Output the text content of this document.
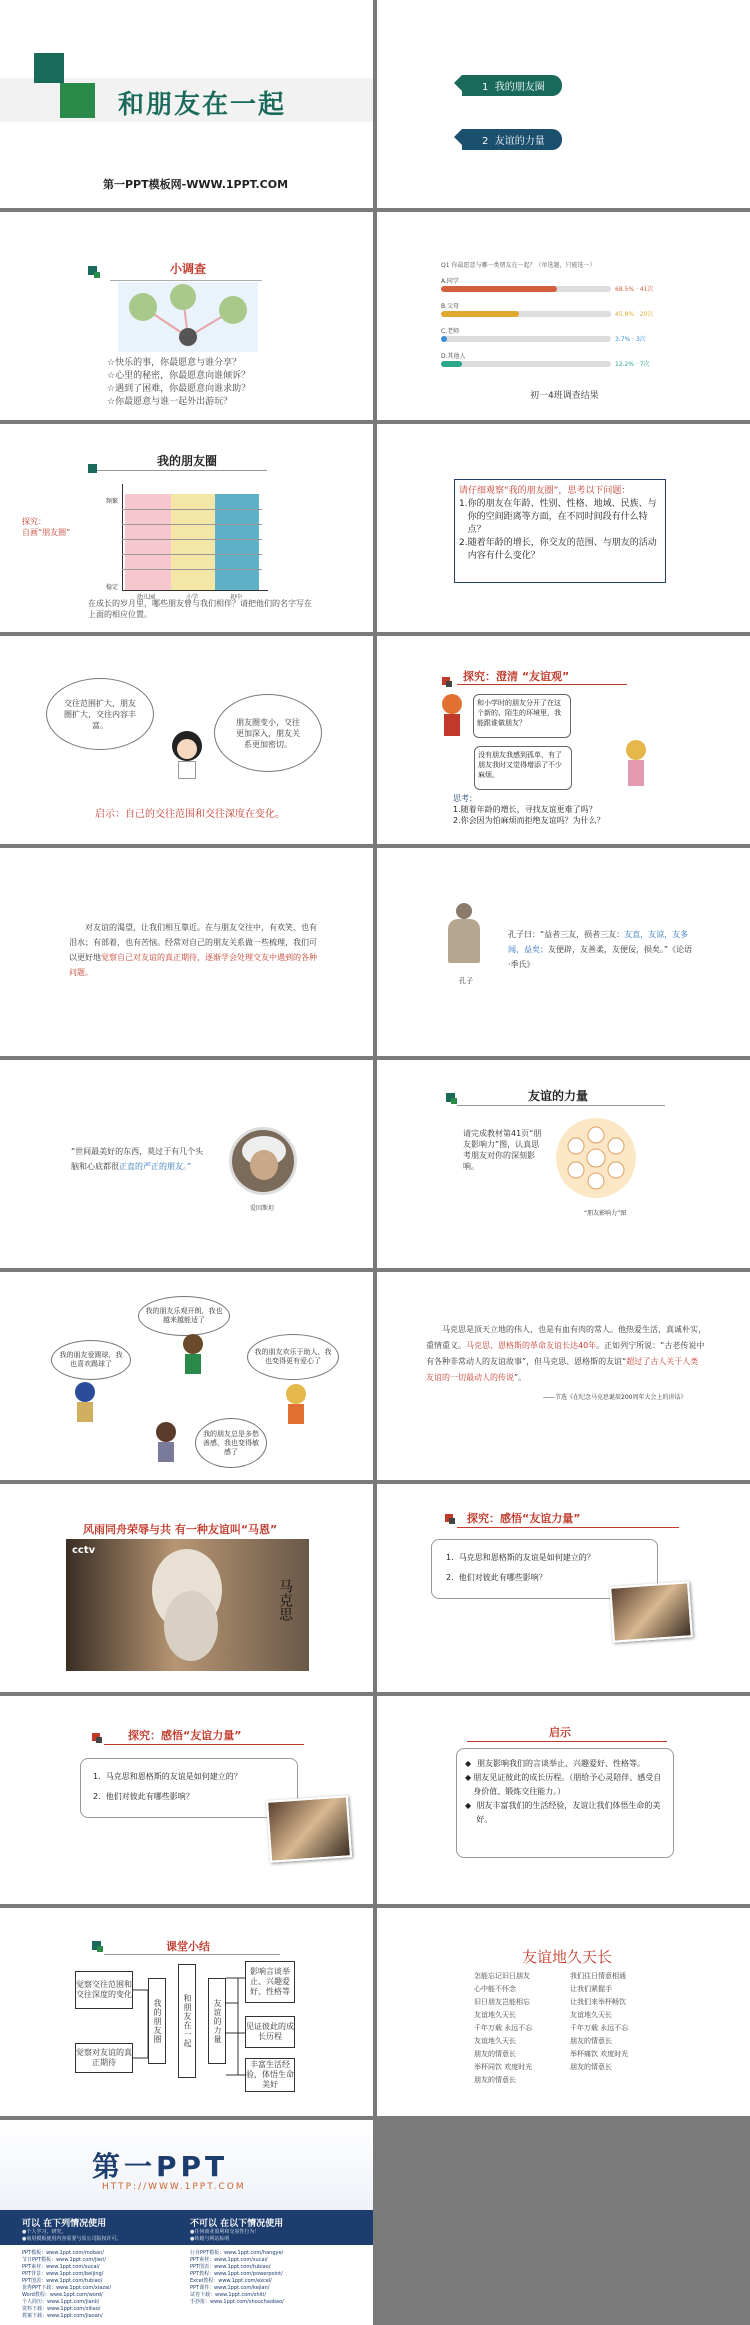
和朋友在一起
第一PPT模板网-WWW.1PPT.COM
1 我的朋友圈
2 友谊的力量
小调查
☆快乐的事，你最愿意与谁分享？
☆心里的秘密，你最愿意向谁倾诉？
☆遇到了困难，你最愿意向谁求助？
☆你最愿意与谁一起外出游玩？
Q1 你最愿意与哪一类朋友在一起？（单选题，只能选一）
初一4班调查结果
A.同学
68.5% · 41次
B.父母
45.8% · 20次
C.老师
3.7% · 3次
D.其他人
12.2% · 7次
我的朋友圈
探究：
自画“朋友圈”
频繁
稳定
幼儿园	小学	初中
在成长的岁月里，哪些朋友曾与我们相伴？请把他们的名字写在
上面的相应位置。
请仔细观察“我的朋友圈”，思考以下问题：
1. 你的朋友在年龄、性别、性格、地域、民族、与你的空间距离等方面，在不同时间段有什么特点？
2. 随着年龄的增长，你交友的范围、与朋友的活动内容有什么变化？
交往范围扩大，朋友圈扩大，交往内容丰富。	朋友圈变小，交往更加深入，朋友关系更加密切。
启示：自己的交往范围和交往深度在变化。
探究：澄清 “友谊观”
和小学时的朋友分开了在这个新的、陌生的环境里，我能跟谁做朋友？
没有朋友我感到孤单，有了朋友我时又觉得增添了不少麻烦。
思考：
1.随着年龄的增长，寻找友谊更难了吗？
2.你会因为怕麻烦而拒绝友谊吗？为什么？
对友谊的渴望，让我们相互靠近。在与朋友交往中，有欢笑、也有泪水；有部着，也有苦恼。经常对自己的朋友关系做一些梳理，我们可以更好地觉察自己对友谊的真正期待，逐渐学会处理交友中遇到的各种问题。
孔子
孔子曰：“益者三友，损者三友：友直，友谅，友多闻，益矣；友便辟，友善柔，友便佞，损矣。”《论语·季氏》
“世间最美好的东西，莫过于有几个头脑和心底都很正直的严正的朋友。”
爱因斯坦
友谊的力量
请完成教材第41页“朋友影响力”图，认真思考朋友对你的深刻影响。
“朋友影响力”图
我的朋友乐观开朗，我也越来越能适了
我的朋友爱踢球，我也喜欢踢球了
我的朋友欢乐于助人，我也变得更有爱心了
我的朋友总是多愁善感，我也变得敏感了
马克思是顶天立地的伟人，也是有血有肉的常人。他热爱生活，真诚朴实，重情重义。马克思、恩格斯的革命友谊长达40年。正如列宁所说：“古老传说中有各种非常动人的友谊故事”，但马克思、恩格斯的友谊“超过了古人关于人类友谊的一切最动人的传说”。
——节选《在纪念马克思诞辰200周年大会上的讲话》
风雨同舟荣辱与共 有一种友谊叫“马恩”
cctv
马克思
探究：感悟“友谊力量”
1.  马克思和恩格斯的友谊是如何建立的？
2.  他们对彼此有哪些影响？
探究：感悟“友谊力量”
1.  马克思和恩格斯的友谊是如何建立的？
2.  他们对彼此有哪些影响？
启示
◆ 朋友影响我们的言谈举止、兴趣爱好、性格等。
◆ 朋友见证彼此的成长历程。（朋给予心灵陪伴、感受自身价值、锻炼交往能力。）
◆ 朋友丰富我们的生活经验，友谊让我们体悟生命的美好。
课堂小结
觉察交往范围和交往深度的变化
觉察对友谊的真正期待
我的朋友圈	和朋友在一起	友谊的力量
影响言谈举止、兴趣爱好、性格等
见证彼此的成长历程
丰富生活经验，体悟生命美好
友谊地久天长
怎能忘记旧日朋友
心中能不怀念
旧日朋友岂能相忘
友谊地久天长
千年万载 永远不忘
友谊地久天长
朋友的情意长
举杯同饮 欢度时光
朋友的情意长
我们往日情意相通
让我们紧握手
让我们来举杯畅饮
友谊地久天长
千年万载 永远不忘
朋友的情意长
举杯痛饮 欢度时光
朋友的情意长
第一PPT
HTTP://WWW.1PPT.COM
可以 在下列情况使用	不可以 在以下情况使用
●个人学习、研究。
●商用模板使用内容需要与原公司版权许可。
●任何商业盈利和交易性行为！
●转载与网站标明
PPT模板：www.1ppt.com/moban/
节日PPT模板：www.1ppt.com/jieri/
PPT素材：www.1ppt.com/sucai/
PPT背景：www.1ppt.com/beijing/
PPT图表：www.1ppt.com/tubiao/
优秀PPT下载：www.1ppt.com/xiazai/
Word教程：www.1ppt.com/word/
个人简历：www.1ppt.com/jianli/
资料下载：www.1ppt.com/ziliao/
教案下载：www.1ppt.com/jiaoan/
行业PPT模板：www.1ppt.com/hangye/
PPT素材：www.1ppt.com/sucai/
PPT图表：www.1ppt.com/tubiao/
PPT教程：www.1ppt.com/powerpoint/
Excel教程：www.1ppt.com/excel/
PPT课件：www.1ppt.com/kejian/
试卷下载：www.1ppt.com/shiti/
手抄报：www.1ppt.com/shouchaobao/
